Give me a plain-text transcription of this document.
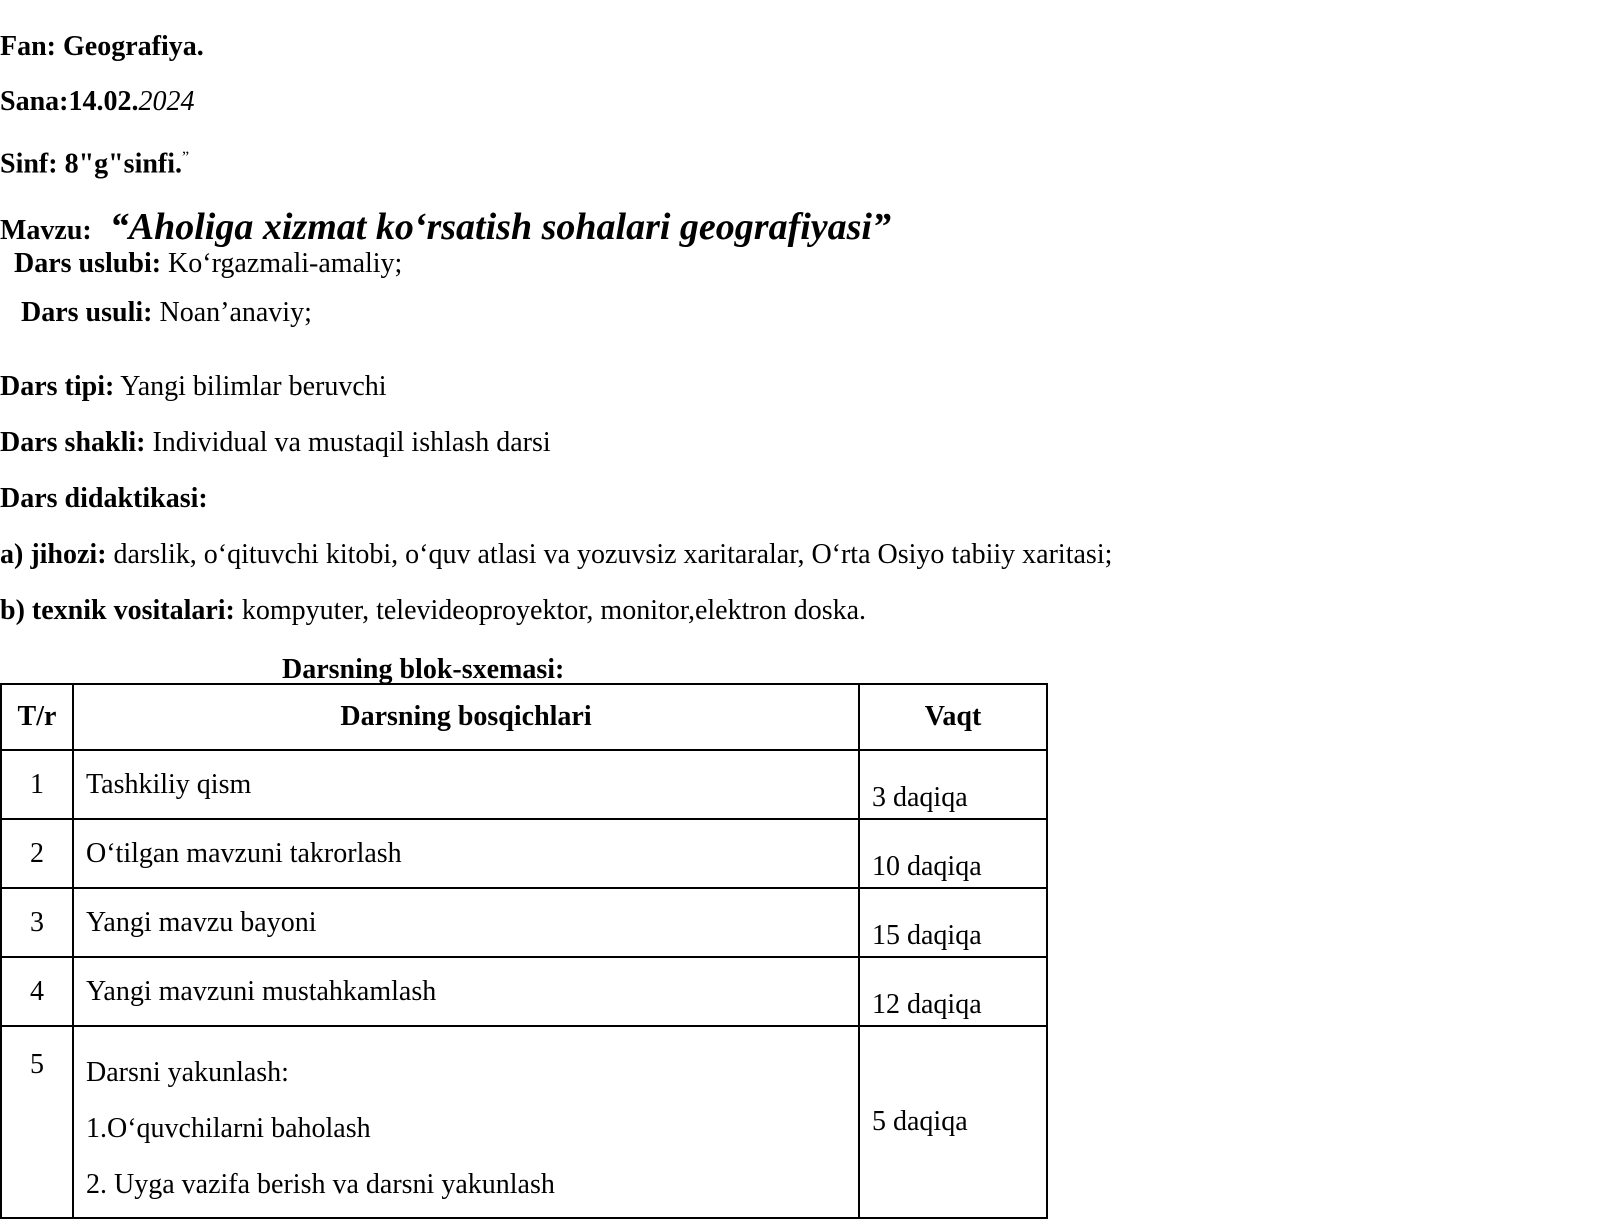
Fan: Geografiya.
Sana:14.02.2024
Sinf: 8"g"sinfi.”
Mavzu: “Aholiga xizmat ko‘rsatish sohalari geografiyasi”
Dars uslubi: Ko‘rgazmali-amaliy;
Dars usuli: Noan’anaviy;
Dars tipi: Yangi bilimlar beruvchi
Dars shakli: Individual va mustaqil ishlash darsi
Dars didaktikasi:
a) jihozi: darslik, o‘qituvchi kitobi, o‘quv atlasi va yozuvsiz xaritaralar, O‘rta Osiyo tabiiy xaritasi;
b) texnik vositalari: kompyuter, televideoproyektor, monitor,elektron doska.
Darsning blok-sxemasi:
T/r	Darsning bosqichlari	Vaqt
1	Tashkiliy qism	3 daqiqa
2	O‘tilgan mavzuni takrorlash	10 daqiqa
3	Yangi mavzu bayoni	15 daqiqa
4	Yangi mavzuni mustahkamlash	12 daqiqa
5	Darsni yakunlash:
1.O‘quvchilarni baholash
2. Uyga vazifa berish va darsni yakunlash	5 daqiqa
